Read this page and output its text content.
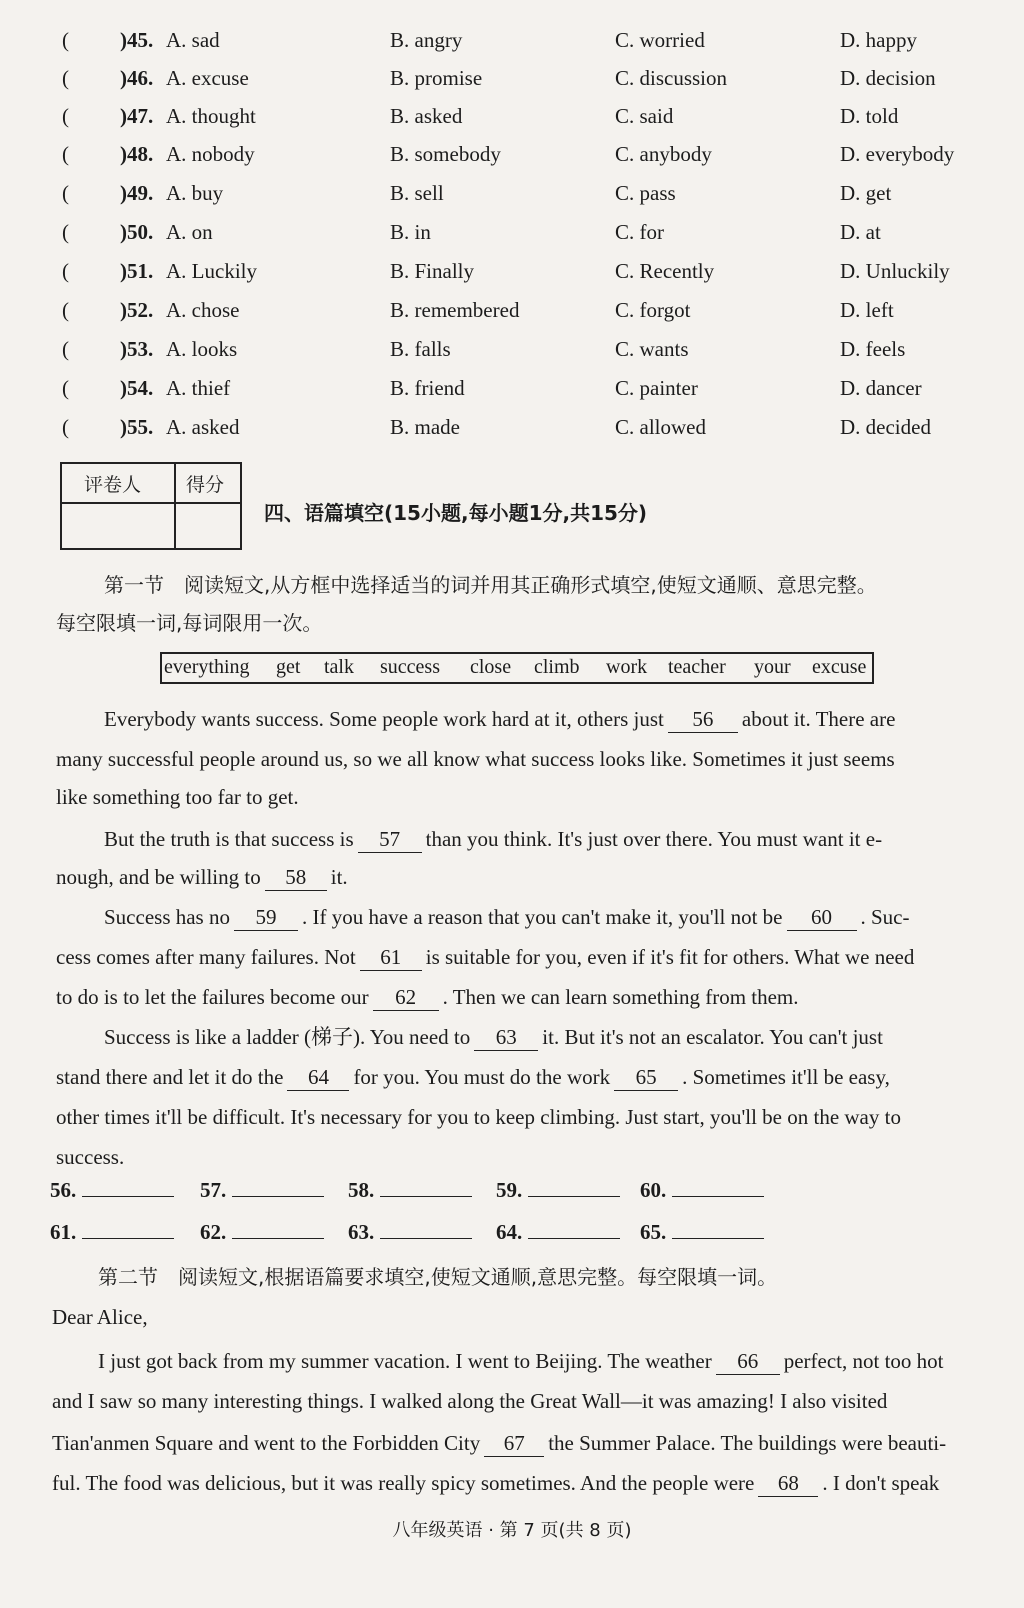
( )45. A. sad	B. angry	C. worried	D. happy
( )46. A. excuse	B. promise	C. discussion	D. decision
( )47. A. thought	B. asked	C. said	D. told
( )48. A. nobody	B. somebody	C. anybody	D. everybody
( )49. A. buy	B. sell	C. pass	D. get
( )50. A. on	B. in	C. for	D. at
( )51. A. Luckily	B. Finally	C. Recently	D. Unluckily
( )52. A. chose	B. remembered	C. forgot	D. left
( )53. A. looks	B. falls	C. wants	D. feels
( )54. A. thief	B. friend	C. painter	D. dancer
( )55. A. asked	B. made	C. allowed	D. decided
评卷人 得分
四、语篇填空(15小题,每小题1分,共15分)
第一节　阅读短文,从方框中选择适当的词并用其正确形式填空,使短文通顺、意思完整。
每空限填一词,每词限用一次。
everything get talk success close climb work teacher your excuse
Everybody wants success. Some people work hard at it, others just 56 about it. There are
many successful people around us, so we all know what success looks like. Sometimes it just seems
like something too far to get.
But the truth is that success is 57 than you think. It's just over there. You must want it e-
nough, and be willing to 58 it.
Success has no 59 . If you have a reason that you can't make it, you'll not be 60 . Suc-
cess comes after many failures. Not 61 is suitable for you, even if it's fit for others. What we need
to do is to let the failures become our 62 . Then we can learn something from them.
Success is like a ladder (梯子). You need to 63 it. But it's not an escalator. You can't just
stand there and let it do the 64 for you. You must do the work 65 . Sometimes it'll be easy,
other times it'll be difficult. It's necessary for you to keep climbing. Just start, you'll be on the way to
success.
56.	57.	58.	59.	60.
61.	62.	63.	64.	65.
第二节　阅读短文,根据语篇要求填空,使短文通顺,意思完整。每空限填一词。
Dear Alice,
I just got back from my summer vacation. I went to Beijing. The weather 66 perfect, not too hot
and I saw so many interesting things. I walked along the Great Wall—it was amazing! I also visited
Tian'anmen Square and went to the Forbidden City 67 the Summer Palace. The buildings were beauti-
ful. The food was delicious, but it was really spicy sometimes. And the people were 68 . I don't speak
八年级英语 · 第 7 页(共 8 页)
